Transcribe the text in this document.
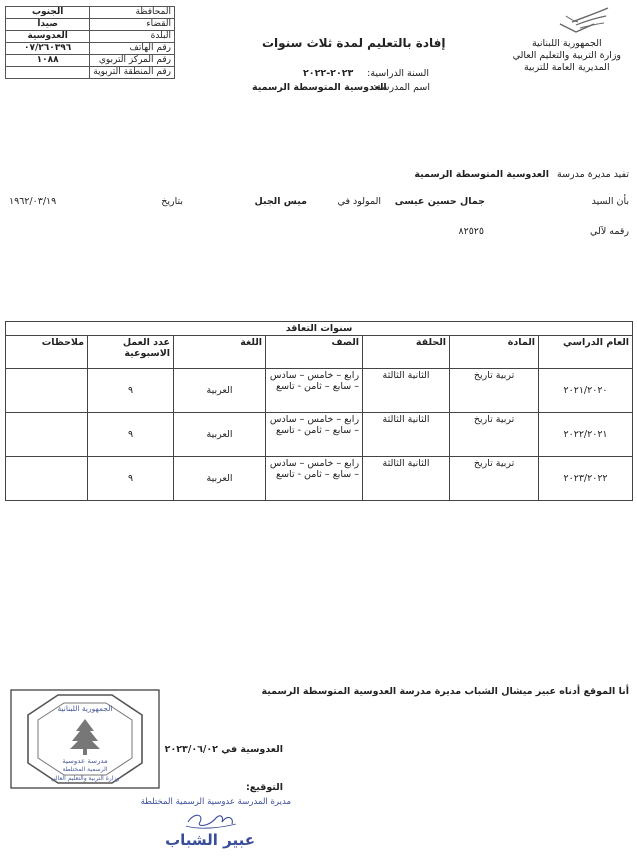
الجمهورية اللبنانية
وزارة التربية والتعليم العالي
المديرية العامة للتربية
إفادة بالتعليم لمدة ثلاث سنوات
السنة الدراسية:
٢٠٢٣-٢٠٢٢
اسم المدرسة:
العدوسية المتوسطة الرسمية
المحافظة	الجنوب
القضاء	صيدا
البلدة	العدوسية
رقم الهاتف	٠٧/٢٦٠٣٩٦
رقم المركز التربوي	١٠٨٨
رقم المنطقة التربوية	
تفيد مديرة مدرسة
العدوسية المتوسطة الرسمية
بأن السيد
جمال حسين عيسى
المولود في
ميس الجبل
بتاريخ
١٩٦٢/٠٣/١٩
رقمه لآلي
٨٢٥٢٥
سنوات التعاقد						
العام الدراسي	المادة	الحلقة	الصف	اللغة	عدد العمل الاسبوعية	ملاحظات
٢٠٢١/٢٠٢٠	تربية تاريخ	الثانية الثالثة	رابع – خامس – سادس – سابع – ثامن - تاسع	العربية	٩	
٢٠٢٢/٢٠٢١	تربية تاريخ	الثانية الثالثة	رابع – خامس – سادس – سابع – ثامن - تاسع	العربية	٩	
٢٠٢٣/٢٠٢٢	تربية تاريخ	الثانية الثالثة	رابع – خامس – سادس – سابع – ثامن - تاسع	العربية	٩	
أنا الموقع أدناه عبير ميشال الشباب مديرة مدرسة العدوسية المتوسطة الرسمية
العدوسية في ٢٠٢٣/٠٦/٠٢
التوقيع:
مديرة المدرسة عدوسية الرسمية المختلطة
عبير الشباب
الجمهورية اللبنانية
مدرسة عدوسية
الرسمية المختلطة
وزارة التربية والتعليم العالي
